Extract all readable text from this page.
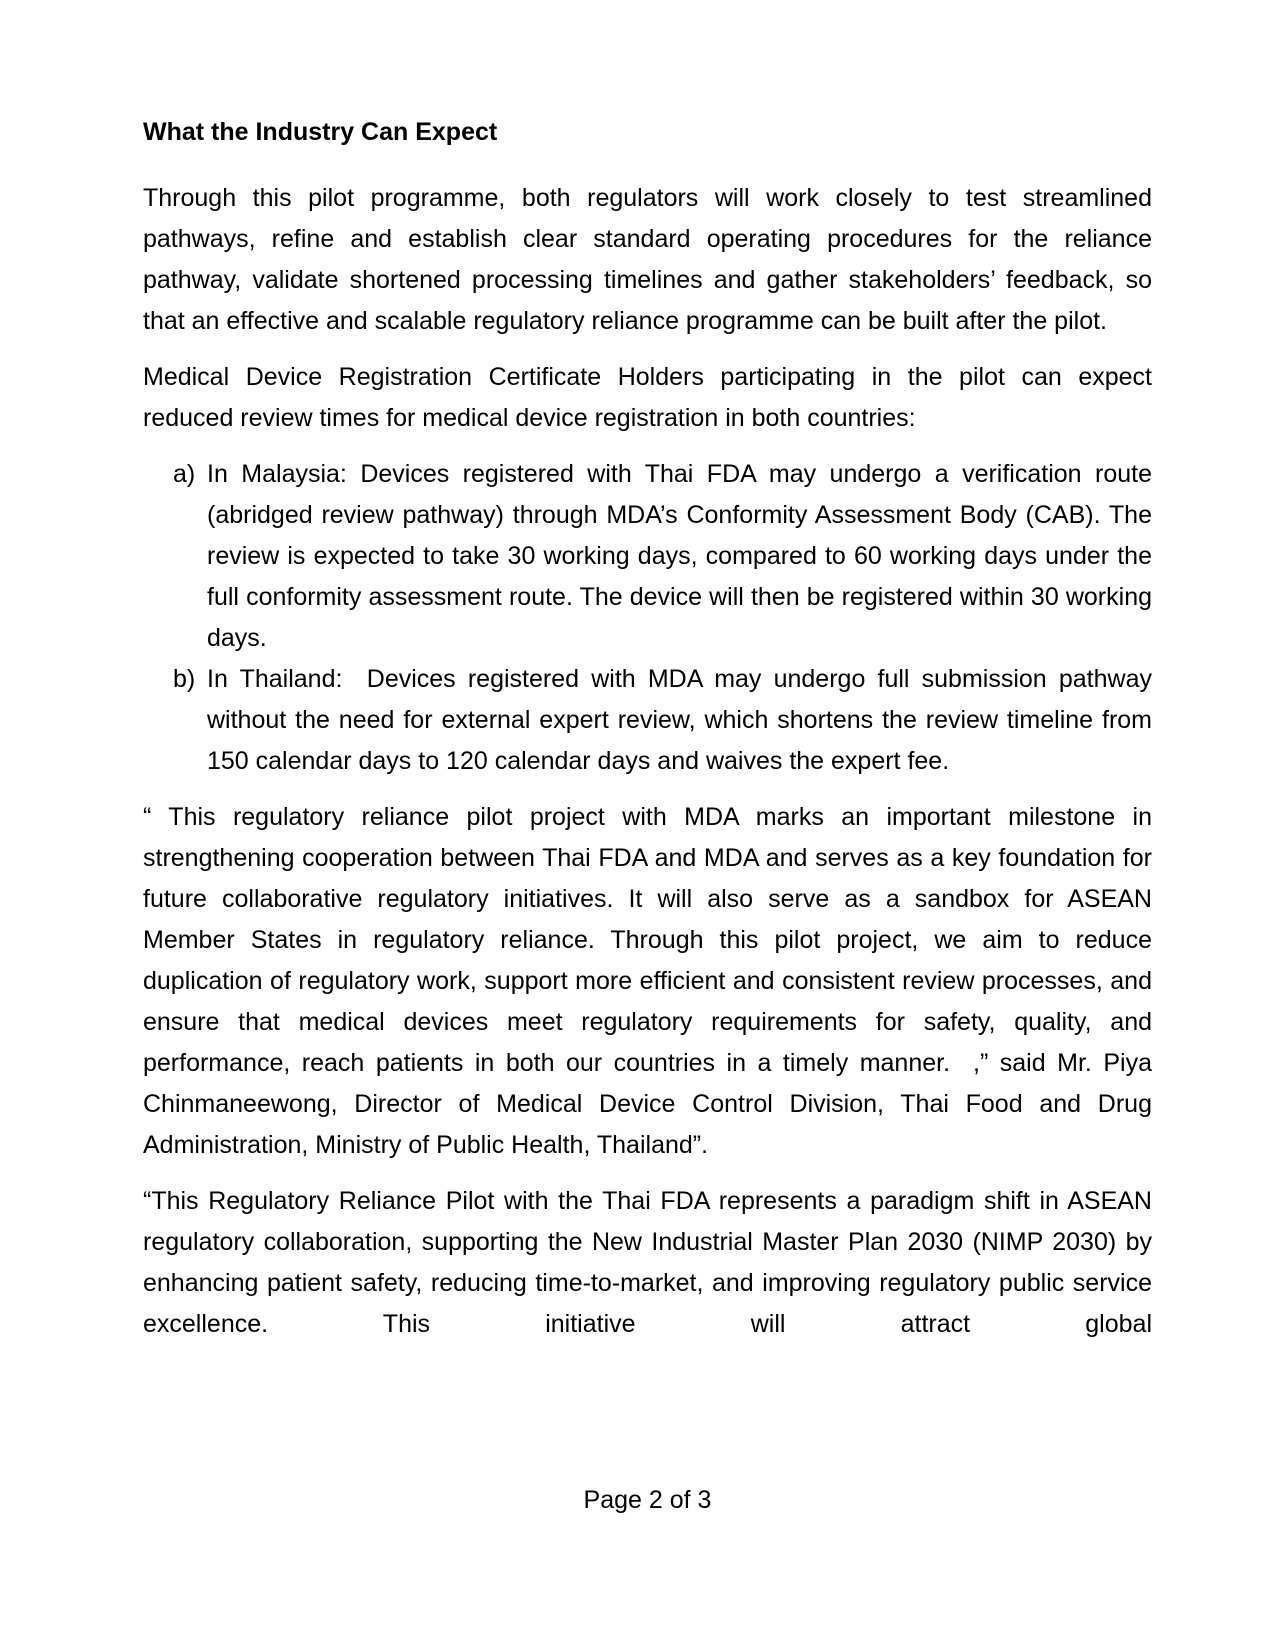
What the Industry Can Expect
Through this pilot programme, both regulators will work closely to test streamlined pathways, refine and establish clear standard operating procedures for the reliance pathway, validate shortened processing timelines and gather stakeholders’ feedback, so that an effective and scalable regulatory reliance programme can be built after the pilot.
Medical Device Registration Certificate Holders participating in the pilot can expect reduced review times for medical device registration in both countries:
a) In Malaysia: Devices registered with Thai FDA may undergo a verification route (abridged review pathway) through MDA’s Conformity Assessment Body (CAB). The review is expected to take 30 working days, compared to 60 working days under the full conformity assessment route. The device will then be registered within 30 working days.
b) In Thailand:  Devices registered with MDA may undergo full submission pathway without the need for external expert review, which shortens the review timeline from 150 calendar days to 120 calendar days and waives the expert fee.
“ This regulatory reliance pilot project with MDA marks an important milestone in strengthening cooperation between Thai FDA and MDA and serves as a key foundation for future collaborative regulatory initiatives. It will also serve as a sandbox for ASEAN Member States in regulatory reliance. Through this pilot project, we aim to reduce duplication of regulatory work, support more efficient and consistent review processes, and ensure that medical devices meet regulatory requirements for safety, quality, and performance, reach patients in both our countries in a timely manner.  ,” said Mr. Piya Chinmaneewong, Director of Medical Device Control Division, Thai Food and Drug Administration, Ministry of Public Health, Thailand”.
“This Regulatory Reliance Pilot with the Thai FDA represents a paradigm shift in ASEAN regulatory collaboration, supporting the New Industrial Master Plan 2030 (NIMP 2030) by enhancing patient safety, reducing time-to-market, and improving regulatory public service excellence. This initiative will attract global
Page 2 of 3
